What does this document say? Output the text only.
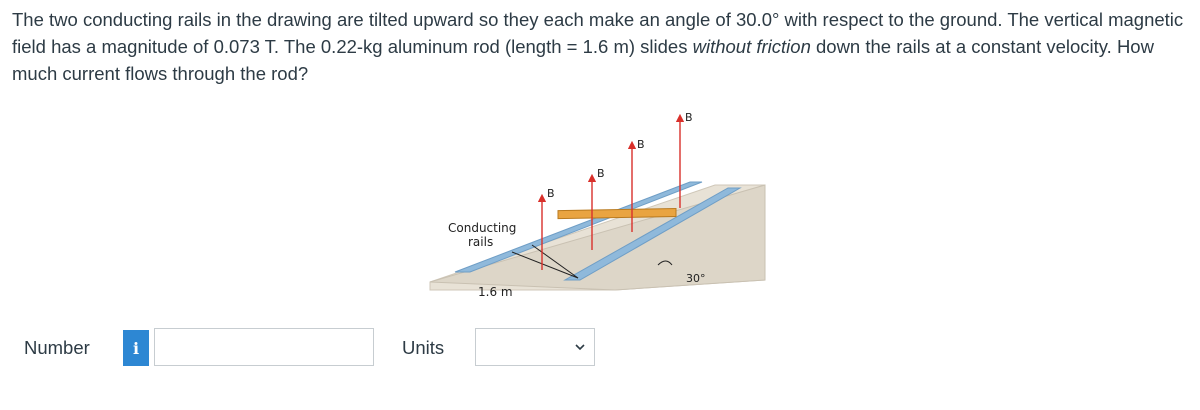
The two conducting rails in the drawing are tilted upward so they each make an angle of 30.0° with respect to the ground. The vertical magnetic field has a magnitude of 0.073 T. The 0.22-kg aluminum rod (length = 1.6 m) slides without friction down the rails at a constant velocity. How much current flows through the rod?
B
B
B
B
Conducting
rails
1.6 m
30°
Number	i	Units
